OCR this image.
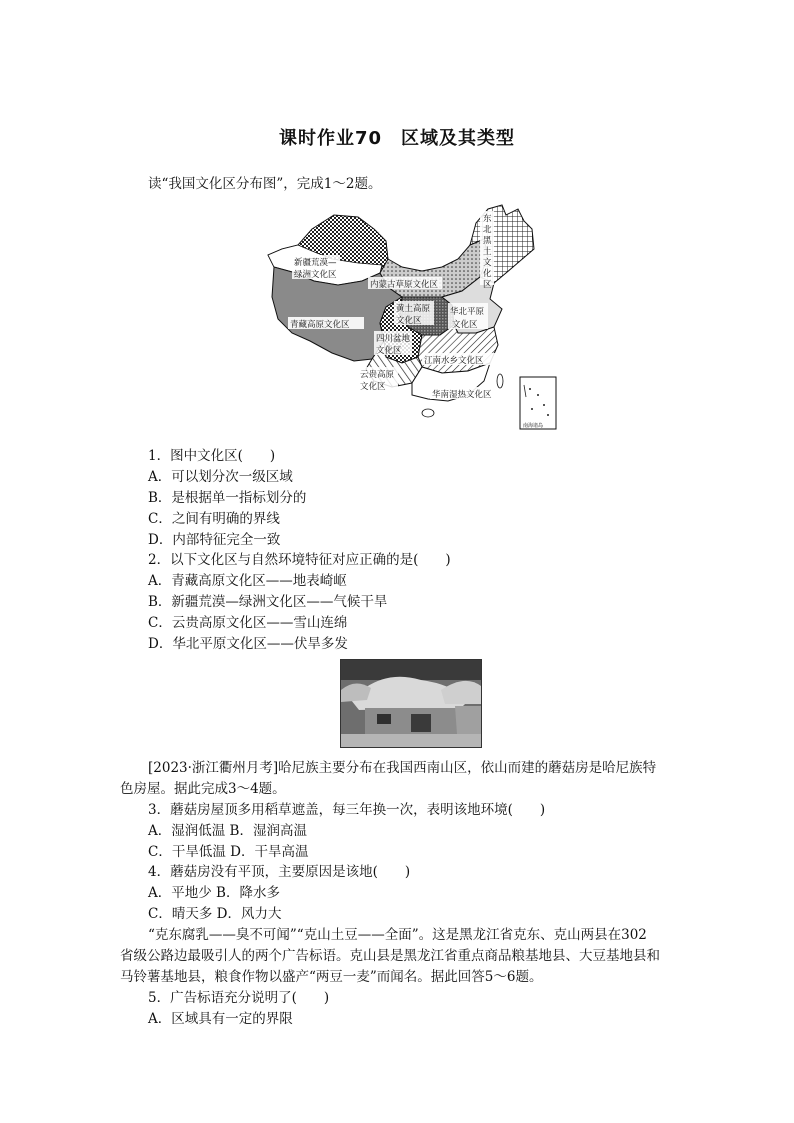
课时作业70　区域及其类型
读“我国文化区分布图”，完成1～2题。
新疆荒漠—
绿洲文化区
内蒙古草原文化区
青藏高原文化区
黄土高原
文化区
华北平原
文化区
四川盆地
文化区
江南水乡文化区
云贵高原
文化区
华南湿热文化区
东北黑土文化区
南海诸岛
1．图中文化区(　　)
A．可以划分次一级区域
B．是根据单一指标划分的
C．之间有明确的界线
D．内部特征完全一致
2．以下文化区与自然环境特征对应正确的是(　　)
A．青藏高原文化区——地表崎岖
B．新疆荒漠—绿洲文化区——气候干旱
C．云贵高原文化区——雪山连绵
D．华北平原文化区——伏旱多发
[2023·浙江衢州月考]哈尼族主要分布在我国西南山区，依山而建的蘑菇房是哈尼族特
色房屋。据此完成3～4题。
3．蘑菇房屋顶多用稻草遮盖，每三年换一次，表明该地环境(　　)
A．湿润低温 B．湿润高温
C．干旱低温 D．干旱高温
4．蘑菇房没有平顶，主要原因是该地(　　)
A．平地少 B．降水多
C．晴天多 D．风力大
“克东腐乳——臭不可闻”“克山土豆——全面”。这是黑龙江省克东、克山两县在302
省级公路边最吸引人的两个广告标语。克山县是黑龙江省重点商品粮基地县、大豆基地县和
马铃薯基地县，粮食作物以盛产“两豆一麦”而闻名。据此回答5～6题。
5．广告标语充分说明了(　　)
A．区域具有一定的界限
